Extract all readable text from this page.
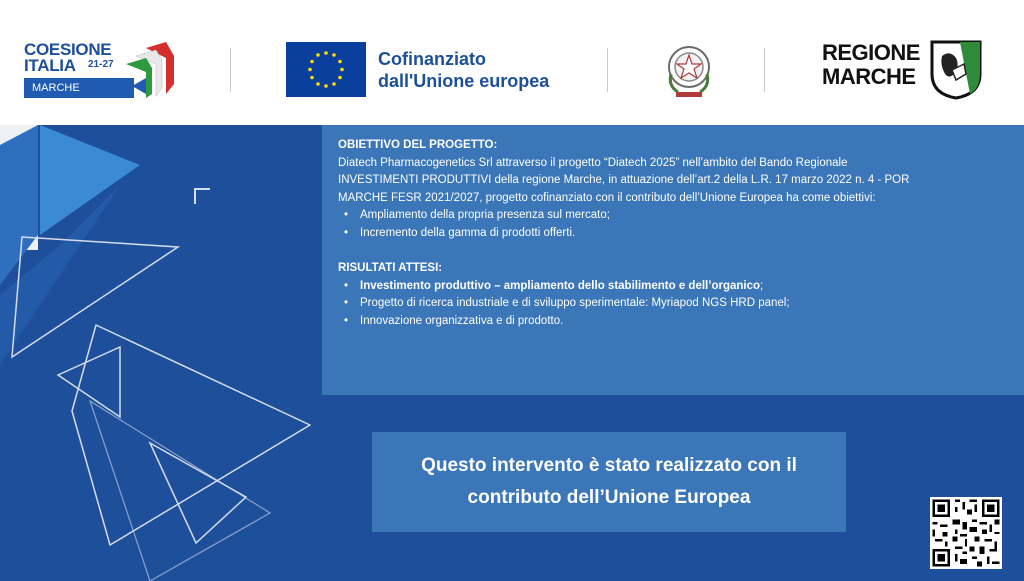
COESIONE
ITALIA 21-27
MARCHE
Cofinanziato
dall'Unione europea
REGIONE
MARCHE
OBIETTIVO DEL PROGETTO:
Diatech Pharmacogenetics Srl attraverso il progetto “Diatech 2025” nell’ambito del Bando Regionale INVESTIMENTI PRODUTTIVI della regione Marche, in attuazione dell’art.2 della L.R. 17 marzo 2022 n. 4 - POR MARCHE FESR 2021/2027, progetto cofinanziato con il contributo dell’Unione Europea ha come obiettivi:
• Ampliamento della propria presenza sul mercato;
• Incremento della gamma di prodotti offerti.
RISULTATI ATTESI:
• Investimento produttivo – ampliamento dello stabilimento e dell’organico;
• Progetto di ricerca industriale e di sviluppo sperimentale: Myriapod NGS HRD panel;
• Innovazione organizzativa e di prodotto.
Questo intervento è stato realizzato con il
contributo dell’Unione Europea
